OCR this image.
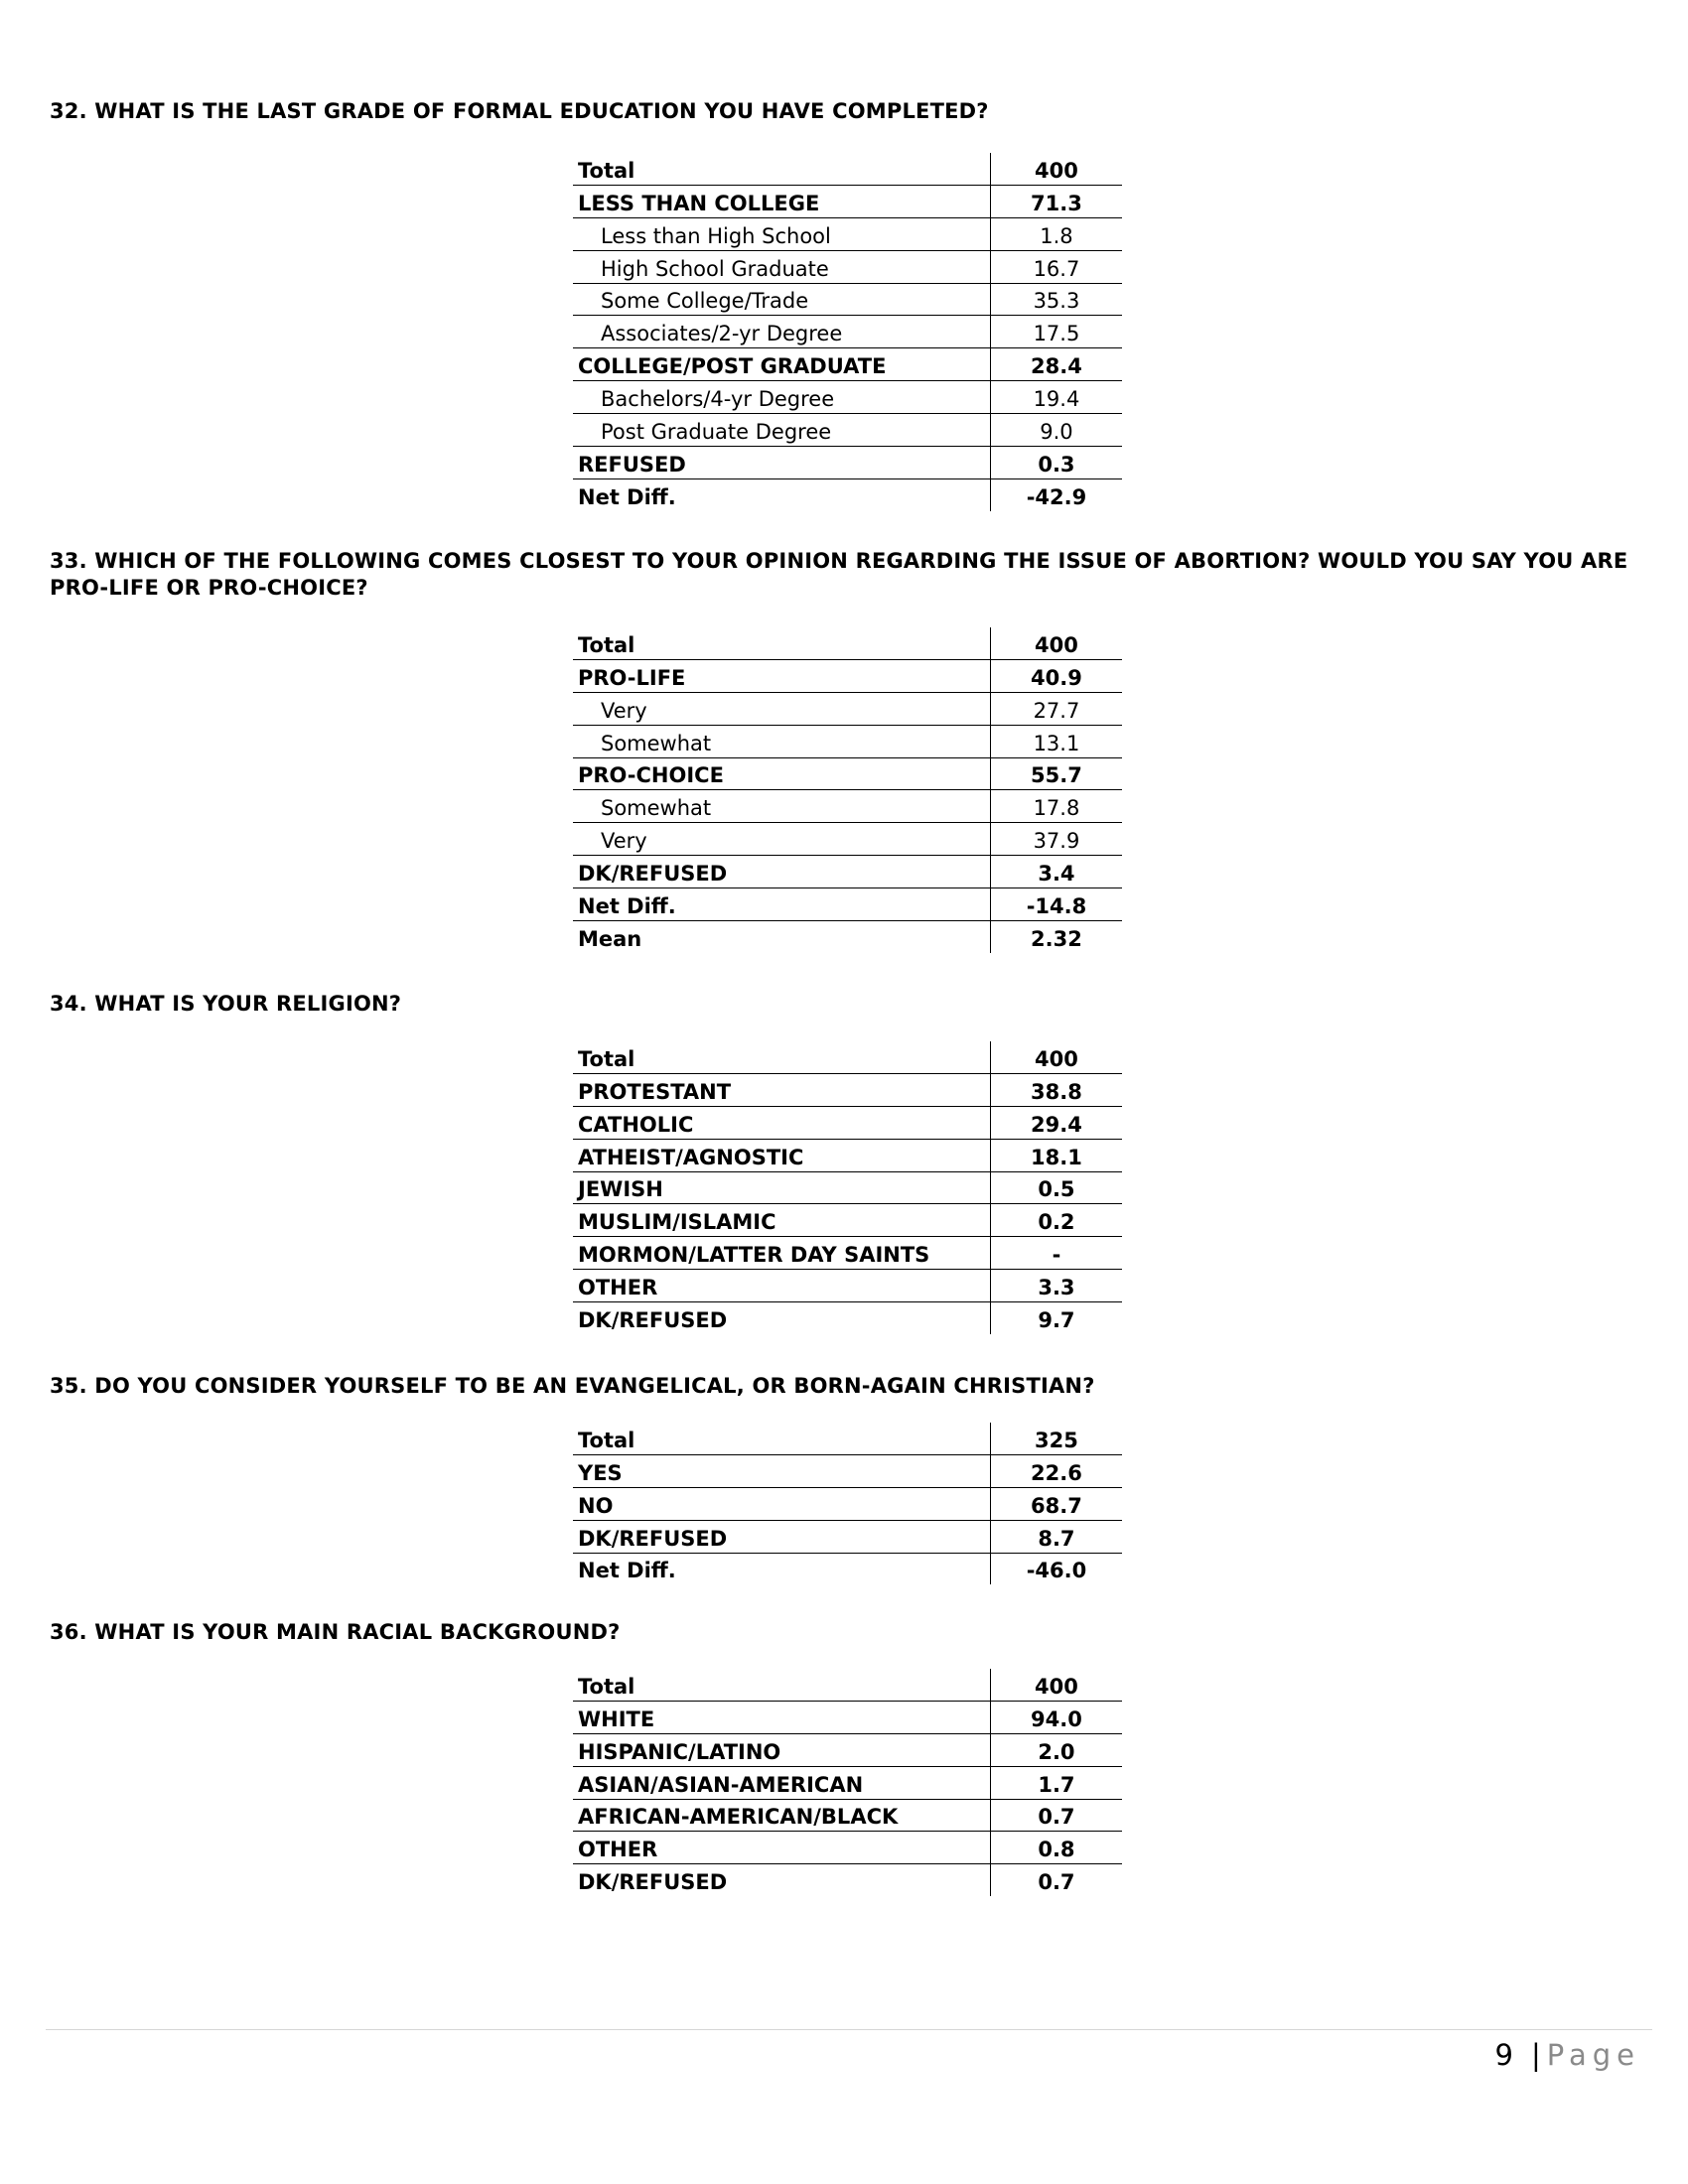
32. WHAT IS THE LAST GRADE OF FORMAL EDUCATION YOU HAVE COMPLETED?
Total	400
LESS THAN COLLEGE	71.3
Less than High School	1.8
High School Graduate	16.7
Some College/Trade	35.3
Associates/2-yr Degree	17.5
COLLEGE/POST GRADUATE	28.4
Bachelors/4-yr Degree	19.4
Post Graduate Degree	9.0
REFUSED	0.3
Net Diff.	-42.9
33. WHICH OF THE FOLLOWING COMES CLOSEST TO YOUR OPINION REGARDING THE ISSUE OF ABORTION? WOULD YOU SAY YOU ARE PRO-LIFE OR PRO-CHOICE?
Total	400
PRO-LIFE	40.9
Very	27.7
Somewhat	13.1
PRO-CHOICE	55.7
Somewhat	17.8
Very	37.9
DK/REFUSED	3.4
Net Diff.	-14.8
Mean	2.32
34. WHAT IS YOUR RELIGION?
Total	400
PROTESTANT	38.8
CATHOLIC	29.4
ATHEIST/AGNOSTIC	18.1
JEWISH	0.5
MUSLIM/ISLAMIC	0.2
MORMON/LATTER DAY SAINTS	-
OTHER	3.3
DK/REFUSED	9.7
35. DO YOU CONSIDER YOURSELF TO BE AN EVANGELICAL, OR BORN-AGAIN CHRISTIAN?
Total	325
YES	22.6
NO	68.7
DK/REFUSED	8.7
Net Diff.	-46.0
36. WHAT IS YOUR MAIN RACIAL BACKGROUND?
Total	400
WHITE	94.0
HISPANIC/LATINO	2.0
ASIAN/ASIAN-AMERICAN	1.7
AFRICAN-AMERICAN/BLACK	0.7
OTHER	0.8
DK/REFUSED	0.7
9 | Page
